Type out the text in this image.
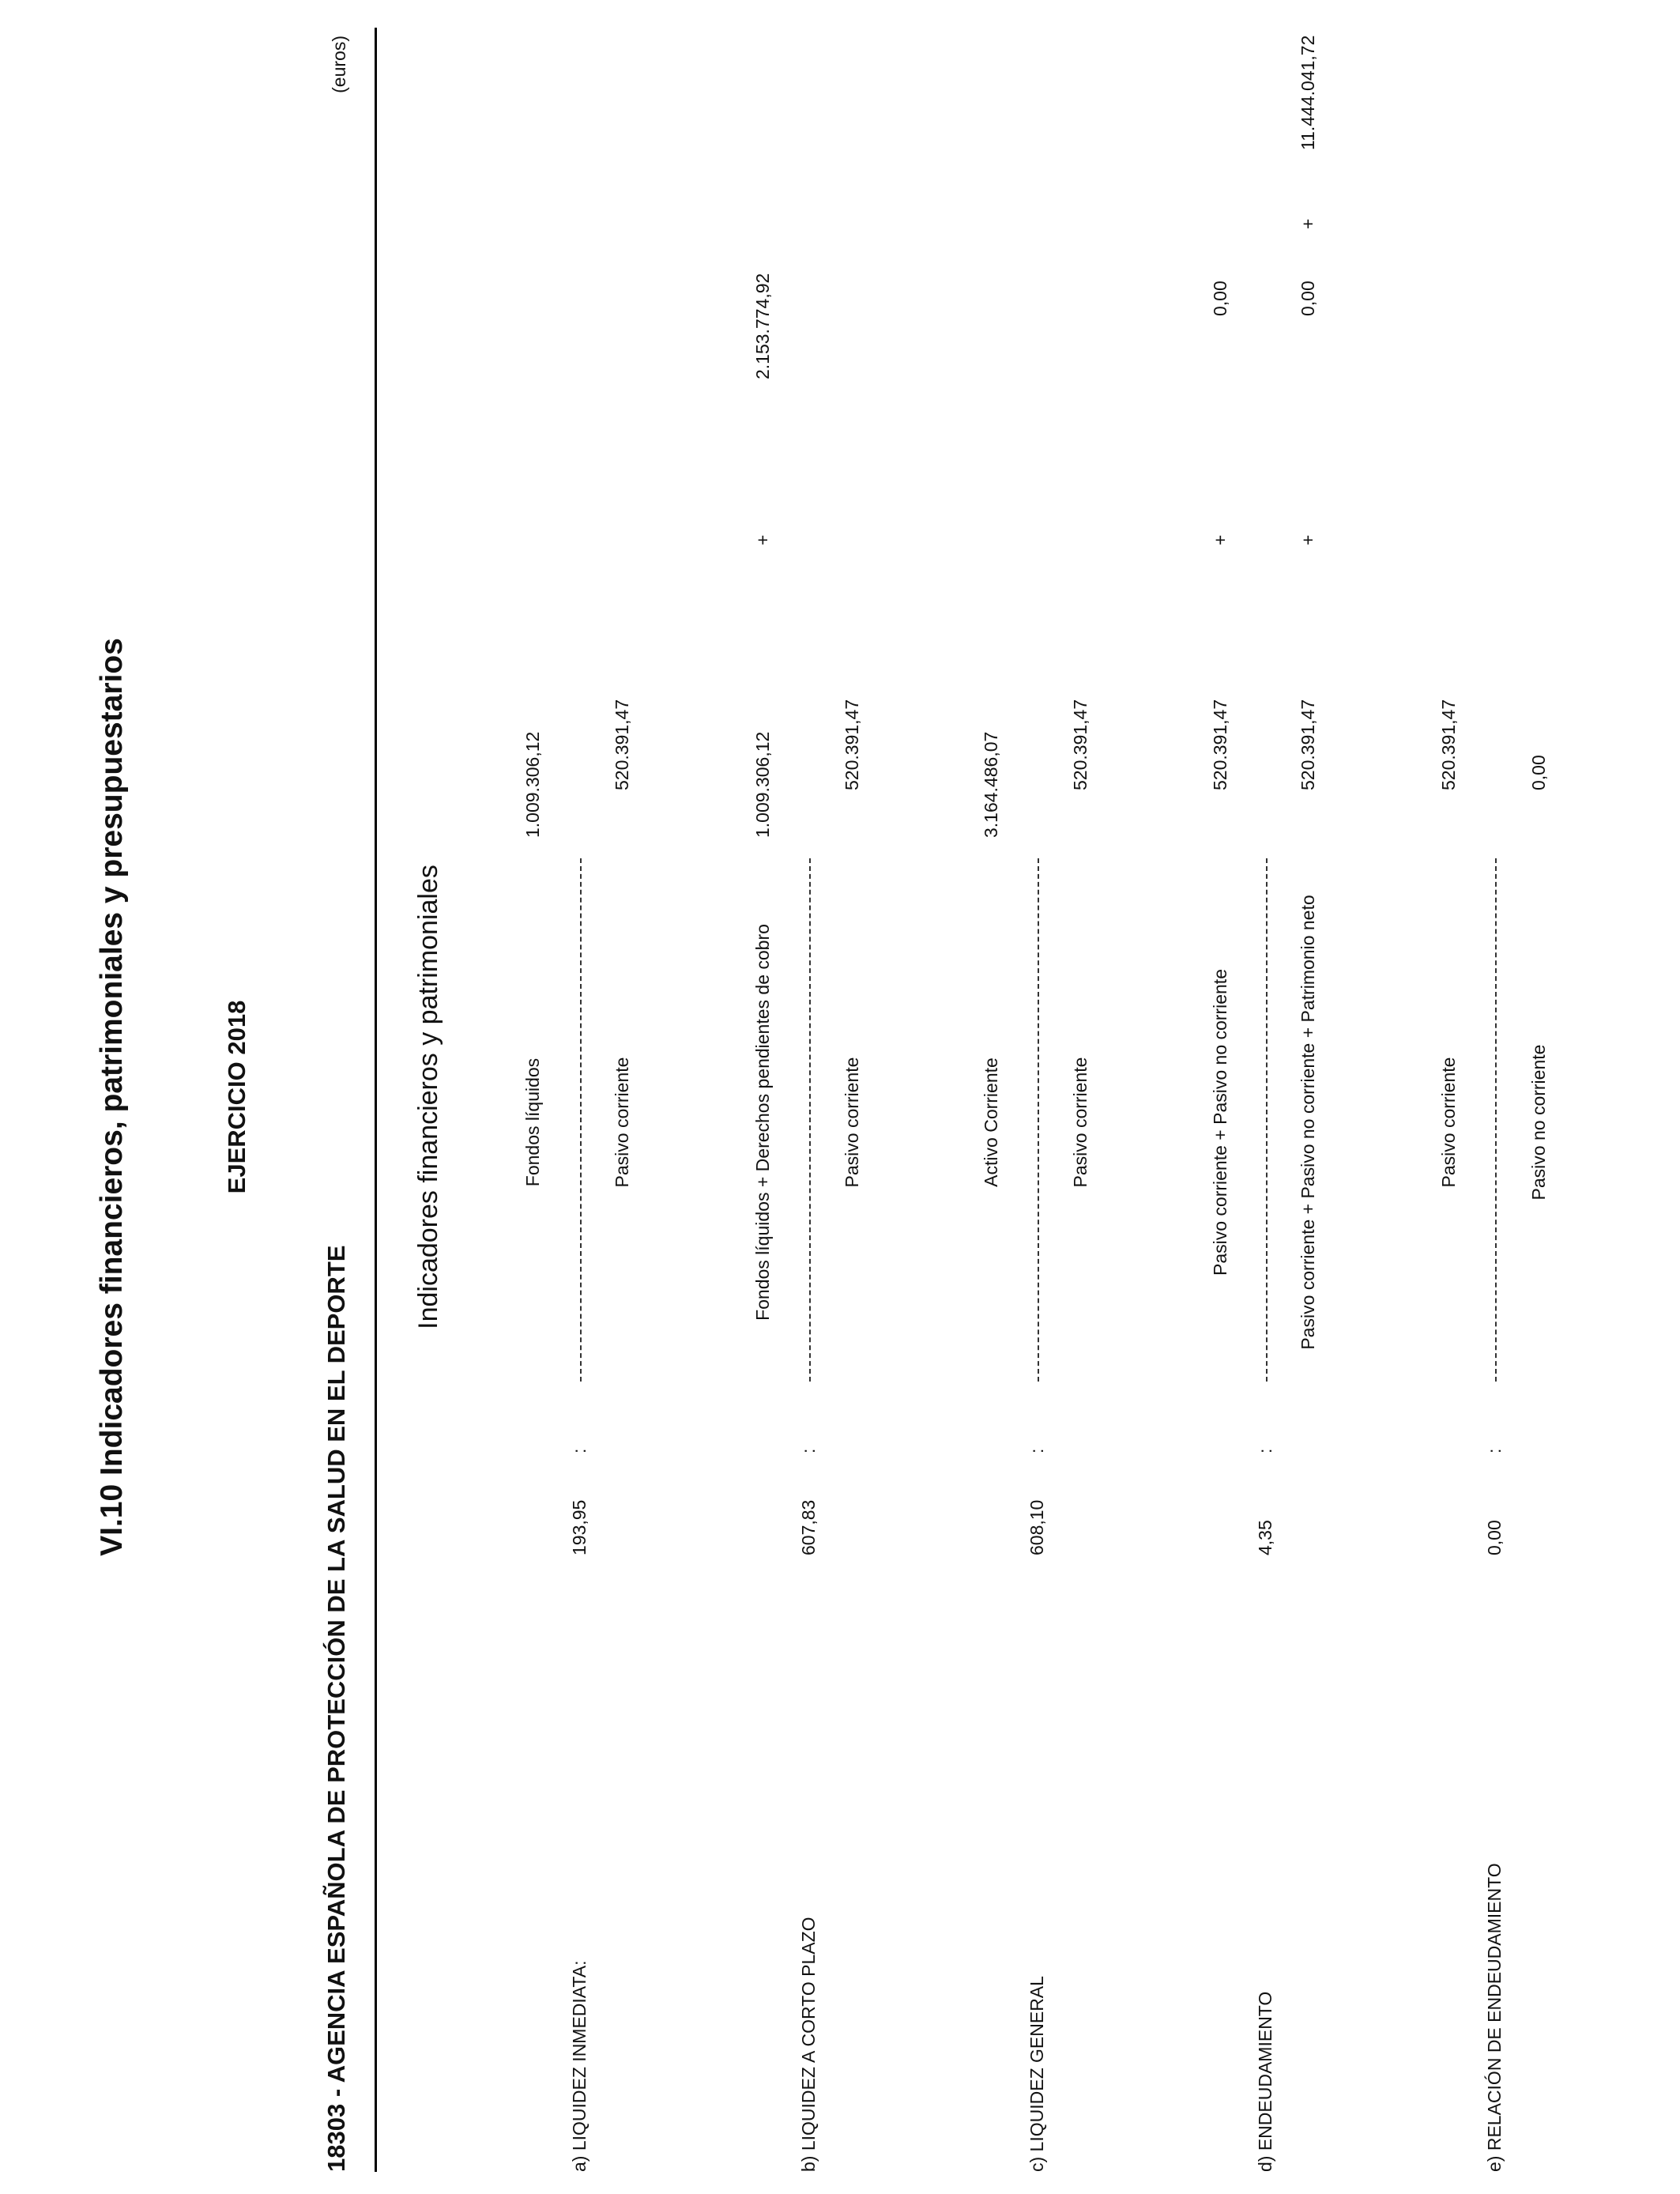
VI.10 Indicadores financieros, patrimoniales y presupuestarios	EJERCICIO 2018
18303 - AGENCIA ESPAÑOLA DE PROTECCIÓN DE LA SALUD EN EL DEPORTE
(euros)
Indicadores financieros y patrimoniales
a) LIQUIDEZ INMEDIATA:
193,95
:
Fondos líquidos
1.009.306,12
Pasivo corriente
520.391,47
b) LIQUIDEZ A CORTO PLAZO
607,83
:
Fondos líquidos + Derechos pendientes de cobro
1.009.306,12
+
2.153.774,92
Pasivo corriente
520.391,47
c) LIQUIDEZ GENERAL
608,10
:
Activo Corriente
3.164.486,07
Pasivo corriente
520.391,47
d) ENDEUDAMIENTO
4,35
:
Pasivo corriente + Pasivo no corriente
520.391,47
+
0,00
Pasivo corriente + Pasivo no corriente + Patrimonio neto
520.391,47
+
0,00
+
11.444.041,72
e) RELACIÓN DE ENDEUDAMIENTO
0,00
:
Pasivo corriente
520.391,47
Pasivo no corriente
0,00
